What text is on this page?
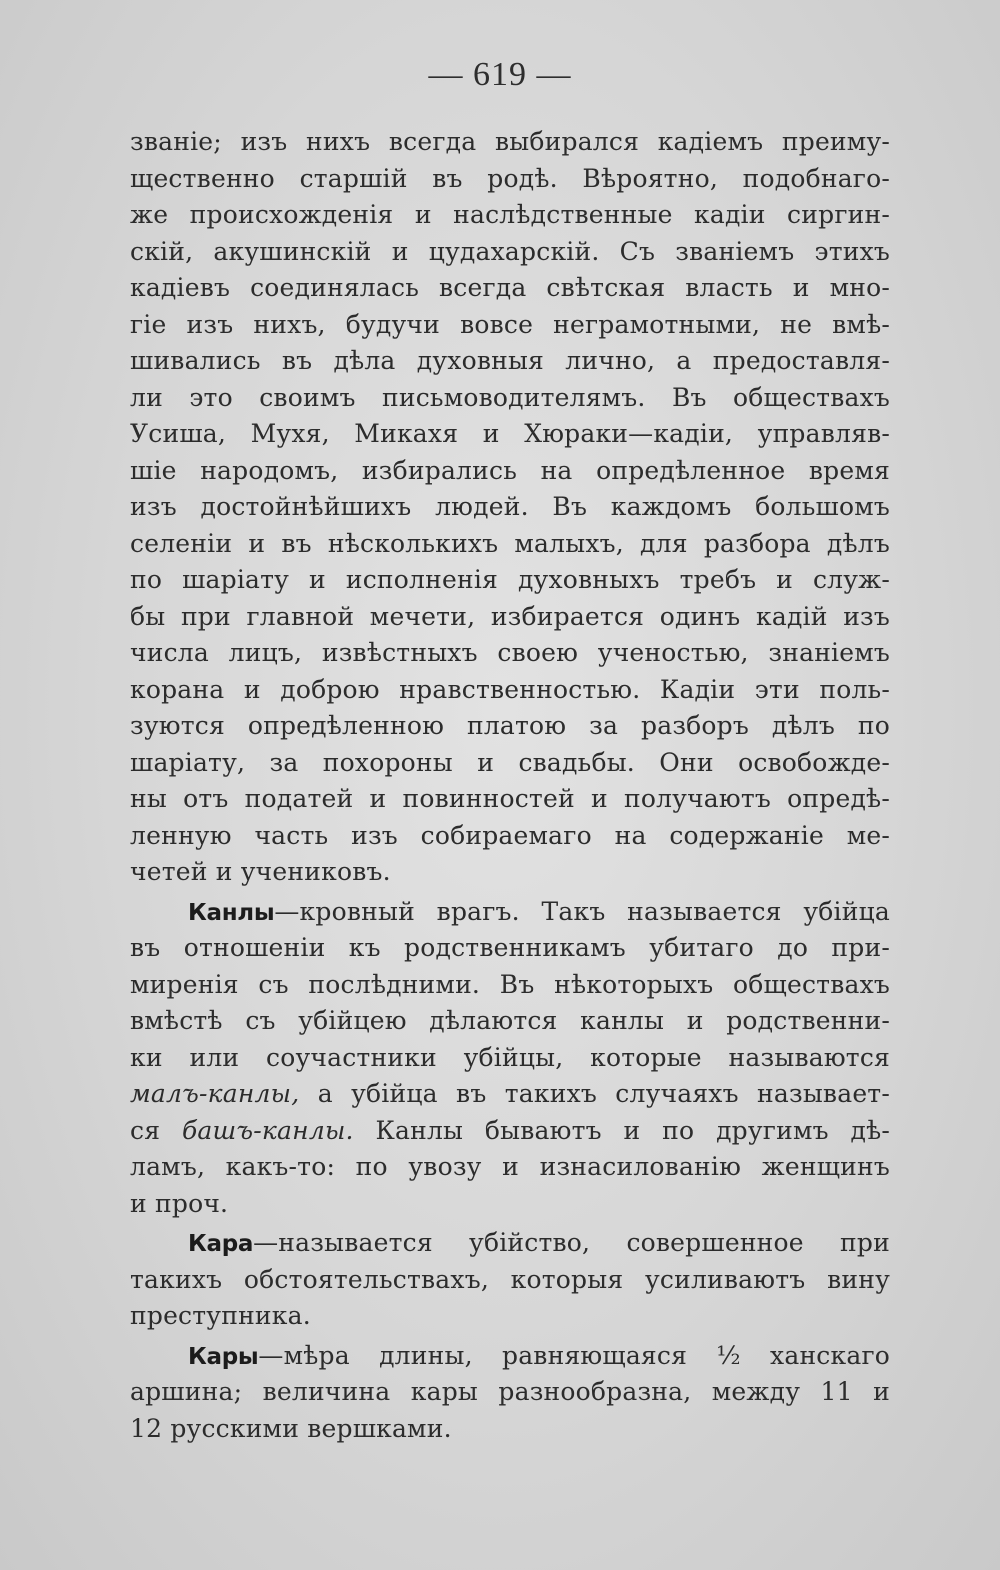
— 619 —
званіе; изъ нихъ всегда выбирался кадіемъ преиму-
щественно старшій въ родѣ. Вѣроятно, подобнаго-
же происхожденія и наслѣдственные кадіи сиргин-
скій, акушинскій и цудахарскій. Съ званіемъ этихъ
кадіевъ соединялась всегда свѣтская власть и мно-
гіе изъ нихъ, будучи вовсе неграмотными, не вмѣ-
шивались въ дѣла духовныя лично, а предоставля-
ли это своимъ письмоводителямъ. Въ обществахъ
Усиша, Мухя, Микахя и Хюраки—кадіи, управляв-
шіе народомъ, избирались на опредѣленное время
изъ достойнѣйшихъ людей. Въ каждомъ большомъ
селеніи и въ нѣсколькихъ малыхъ, для разбора дѣлъ
по шаріату и исполненія духовныхъ требъ и служ-
бы при главной мечети, избирается одинъ кадій изъ
числа лицъ, извѣстныхъ своею ученостью, знаніемъ
корана и доброю нравственностью. Кадіи эти поль-
зуются опредѣленною платою за разборъ дѣлъ по
шаріату, за похороны и свадьбы. Они освобожде-
ны отъ податей и повинностей и получаютъ опредѣ-
ленную часть изъ собираемаго на содержаніе ме-
четей и учениковъ.
Канлы—кровный врагъ. Такъ называется убійца
въ отношеніи къ родственникамъ убитаго до при-
миренія съ послѣдними. Въ нѣкоторыхъ обществахъ
вмѣстѣ съ убійцею дѣлаются канлы и родственни-
ки или соучастники убійцы, которые называются
малъ-канлы, а убійца въ такихъ случаяхъ называет-
ся башъ-канлы. Канлы бываютъ и по другимъ дѣ-
ламъ, какъ-то: по увозу и изнасилованію женщинъ
и проч.
Кара—называется убійство, совершенное при
такихъ обстоятельствахъ, которыя усиливаютъ вину
преступника.
Кары—мѣра длины, равняющаяся ½ ханскаго
аршина; величина кары разнообразна, между 11 и
12 русскими вершками.
